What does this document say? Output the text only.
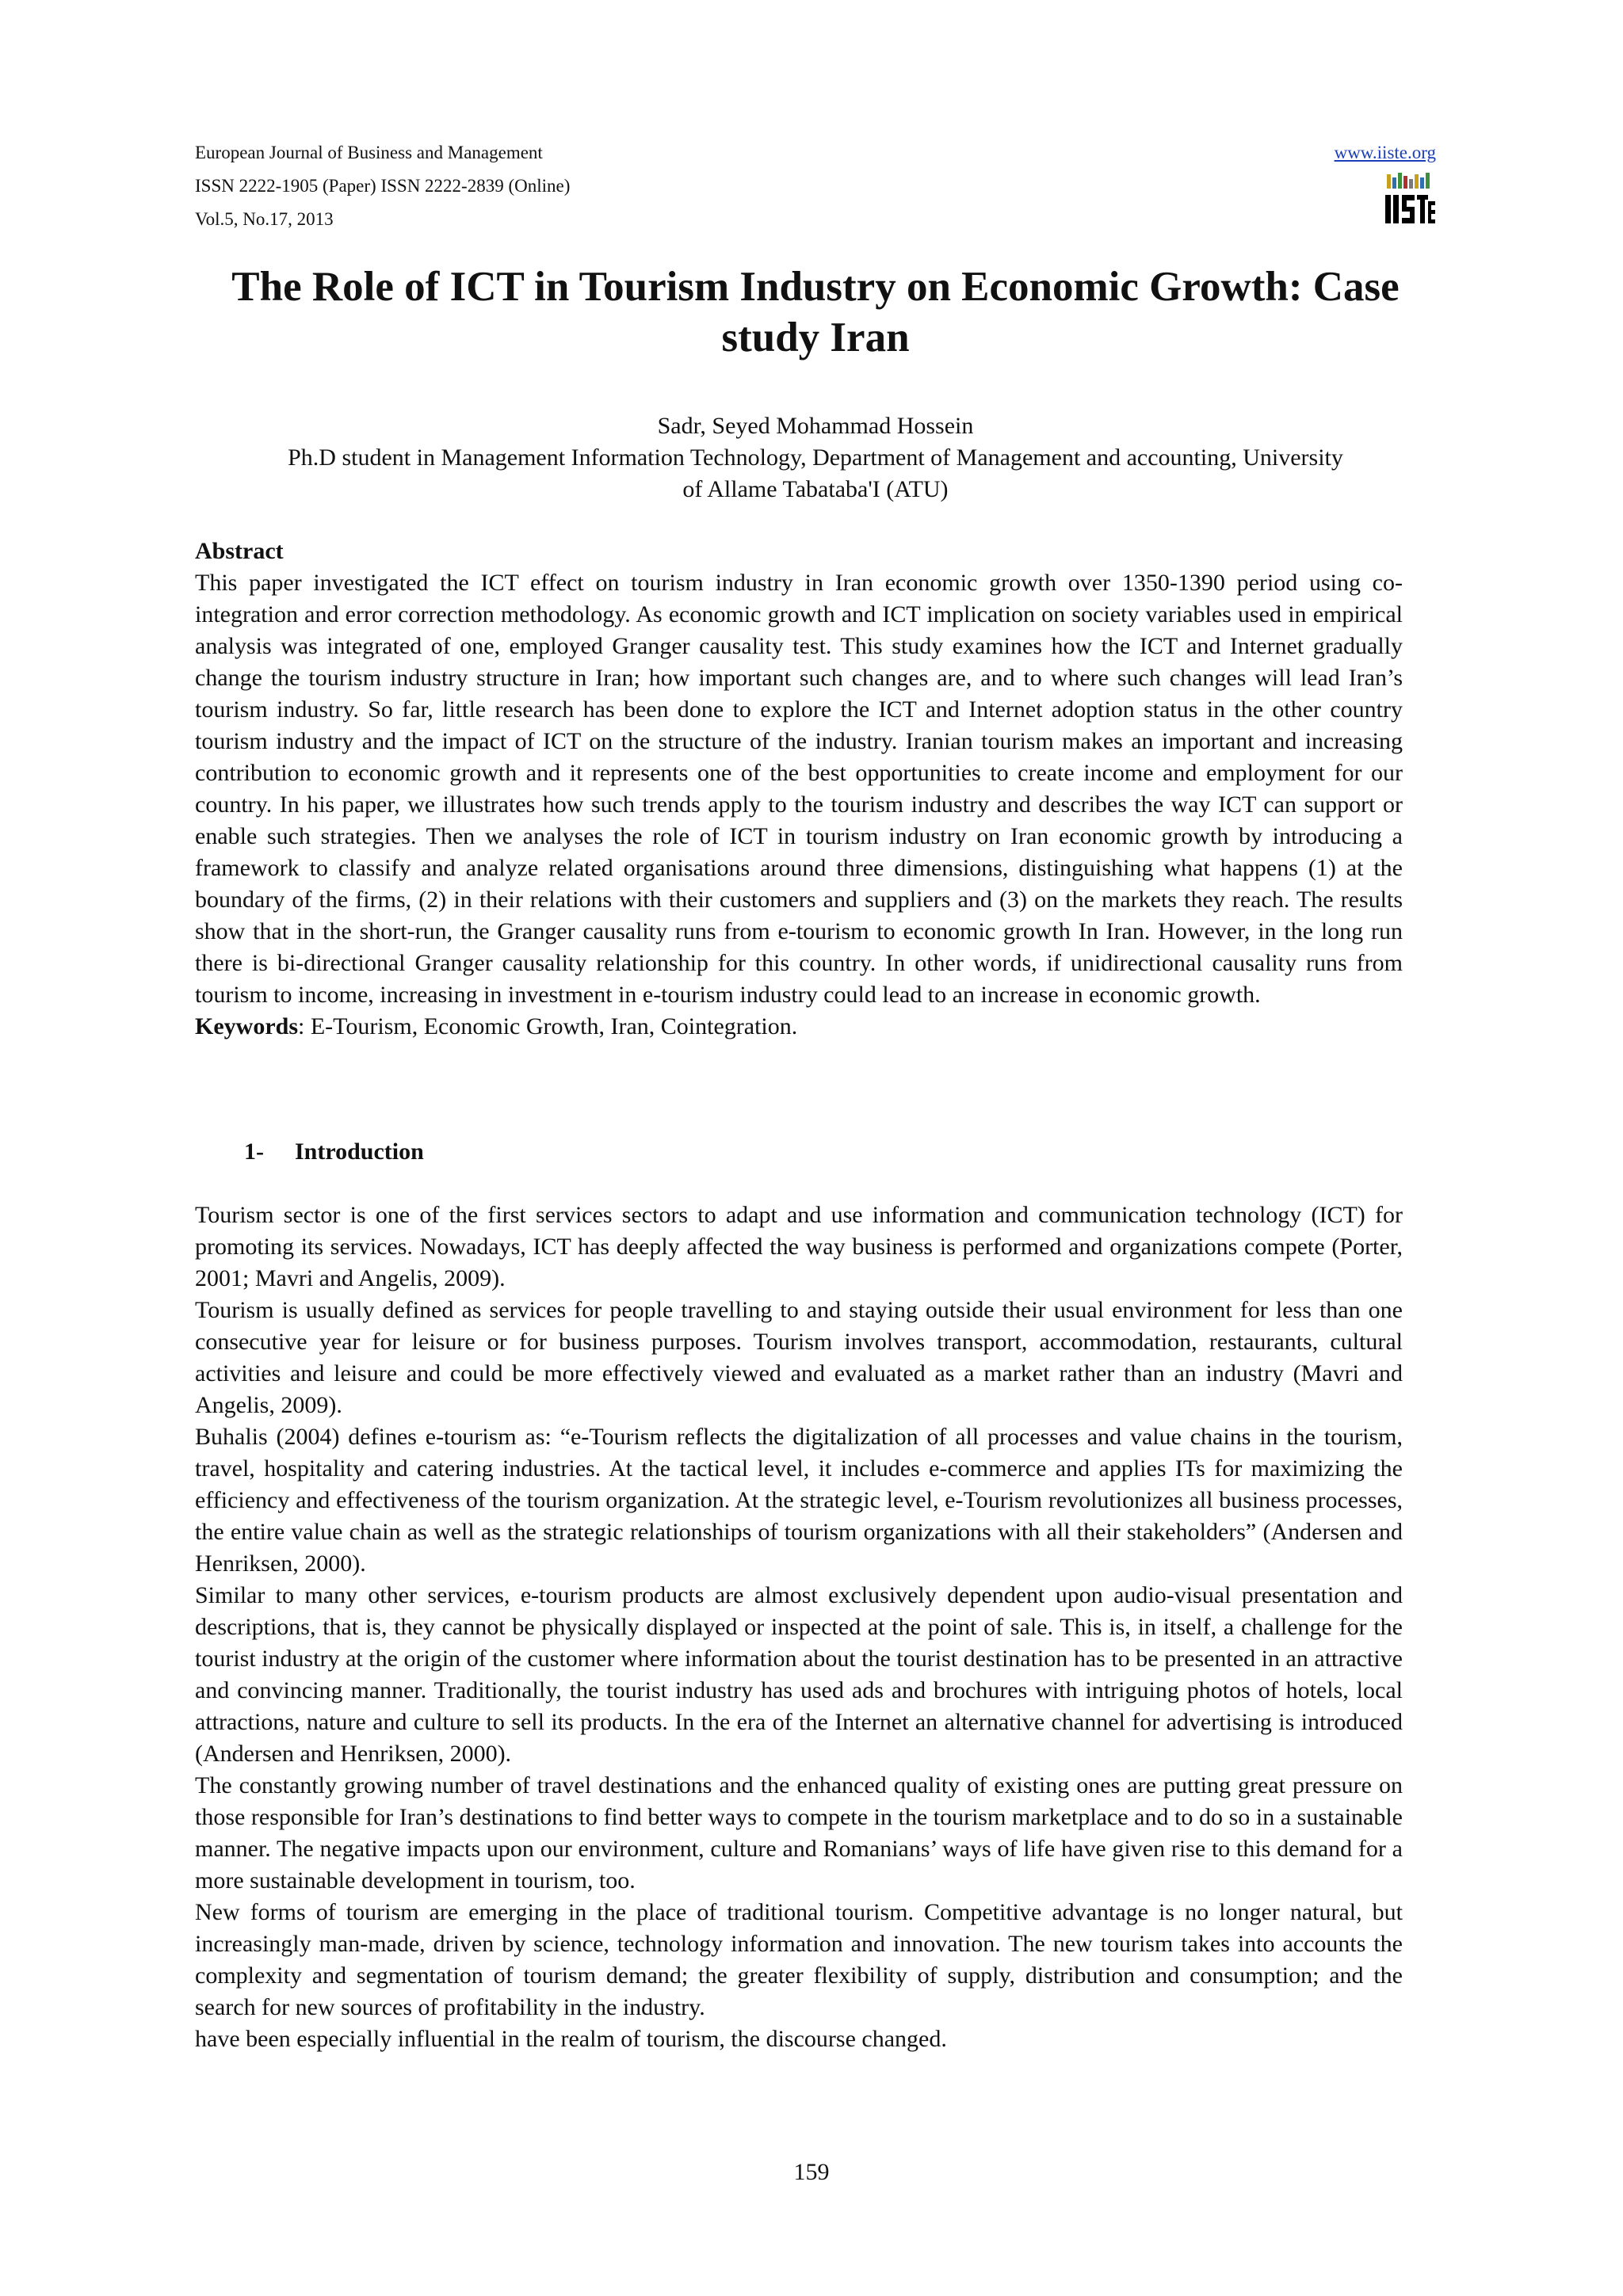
European Journal of Business and Management
ISSN 2222-1905 (Paper) ISSN 2222-2839 (Online)
Vol.5, No.17, 2013
www.iiste.org
The Role of ICT in Tourism Industry on Economic Growth: Case study Iran
Sadr, Seyed Mohammad Hossein
Ph.D student in Management Information Technology, Department of Management and accounting, University
of Allame Tabataba'I (ATU)

Abstract

This paper investigated the ICT effect on tourism industry in Iran economic growth over 1350-1390 period using co-integration and error correction methodology. As economic growth and ICT implication on society variables used in empirical analysis was integrated of one, employed Granger causality test. This study examines how the ICT and Internet gradually change the tourism industry structure in Iran; how important such changes are, and to where such changes will lead Iran’s tourism industry. So far, little research has been done to explore the ICT and Internet adoption status in the other country tourism industry and the impact of ICT on the structure of the industry. Iranian tourism makes an important and increasing contribution to economic growth and it represents one of the best opportunities to create income and employment for our country. In his paper, we illustrates how such trends apply to the tourism industry and describes the way ICT can support or enable such strategies. Then we analyses the role of ICT in tourism industry on Iran economic growth by introducing a framework to classify and analyze related organisations around three dimensions, distinguishing what happens (1) at the boundary of the firms, (2) in their relations with their customers and suppliers and (3) on the markets they reach. The results show that in the short-run, the Granger causality runs from e-tourism to economic growth In Iran. However, in the long run there is bi-directional Granger causality relationship for this country. In other words, if unidirectional causality runs from tourism to income, increasing in investment in e-tourism industry could lead to an increase in economic growth.

Keywords: E-Tourism, Economic Growth, Iran, Cointegration.

1- Introduction

Tourism sector is one of the first services sectors to adapt and use information and communication technology (ICT) for promoting its services. Nowadays, ICT has deeply affected the way business is performed and organizations compete (Porter, 2001; Mavri and Angelis, 2009).

Tourism is usually defined as services for people travelling to and staying outside their usual environment for less than one consecutive year for leisure or for business purposes. Tourism involves transport, accommodation, restaurants, cultural activities and leisure and could be more effectively viewed and evaluated as a market rather than an industry (Mavri and Angelis, 2009).

Buhalis (2004) defines e-tourism as: “e-Tourism reflects the digitalization of all processes and value chains in the tourism, travel, hospitality and catering industries. At the tactical level, it includes e-commerce and applies ITs for maximizing the efficiency and effectiveness of the tourism organization. At the strategic level, e-Tourism revolutionizes all business processes, the entire value chain as well as the strategic relationships of tourism organizations with all their stakeholders” (Andersen and Henriksen, 2000).

Similar to many other services, e-tourism products are almost exclusively dependent upon audio-visual presentation and descriptions, that is, they cannot be physically displayed or inspected at the point of sale. This is, in itself, a challenge for the tourist industry at the origin of the customer where information about the tourist destination has to be presented in an attractive and convincing manner. Traditionally, the tourist industry has used ads and brochures with intriguing photos of hotels, local attractions, nature and culture to sell its products. In the era of the Internet an alternative channel for advertising is introduced (Andersen and Henriksen, 2000).

The constantly growing number of travel destinations and the enhanced quality of existing ones are putting great pressure on those responsible for Iran’s destinations to find better ways to compete in the tourism marketplace and to do so in a sustainable manner. The negative impacts upon our environment, culture and Romanians’ ways of life have given rise to this demand for a more sustainable development in tourism, too.

New forms of tourism are emerging in the place of traditional tourism. Competitive advantage is no longer natural, but increasingly man-made, driven by science, technology information and innovation. The new tourism takes into accounts the complexity and segmentation of tourism demand; the greater flexibility of supply, distribution and consumption; and the search for new sources of profitability in the industry.

have been especially influential in the realm of tourism, the discourse changed.

159
